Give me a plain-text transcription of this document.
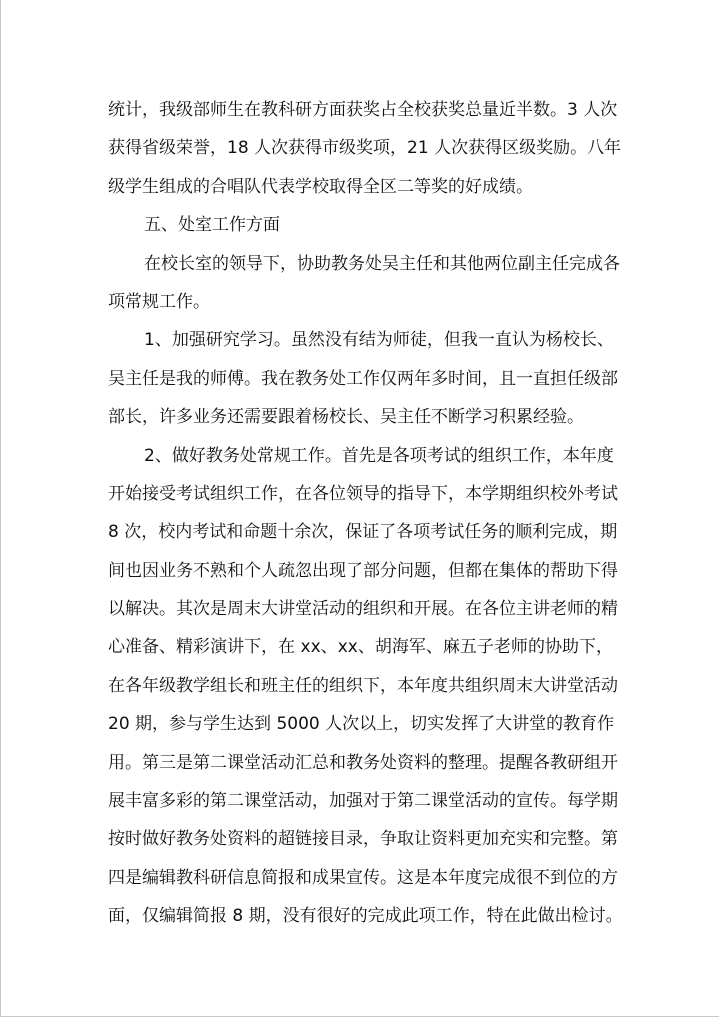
统计，我级部师生在教科研方面获奖占全校获奖总量近半数。3 人次
获得省级荣誉，18 人次获得市级奖项，21 人次获得区级奖励。八年
级学生组成的合唱队代表学校取得全区二等奖的好成绩。
五、处室工作方面
在校长室的领导下，协助教务处吴主任和其他两位副主任完成各
项常规工作。
1、加强研究学习。虽然没有结为师徒，但我一直认为杨校长、
吴主任是我的师傅。我在教务处工作仅两年多时间，且一直担任级部
部长，许多业务还需要跟着杨校长、吴主任不断学习积累经验。
2、做好教务处常规工作。首先是各项考试的组织工作，本年度
开始接受考试组织工作，在各位领导的指导下，本学期组织校外考试
8 次，校内考试和命题十余次，保证了各项考试任务的顺利完成，期
间也因业务不熟和个人疏忽出现了部分问题，但都在集体的帮助下得
以解决。其次是周末大讲堂活动的组织和开展。在各位主讲老师的精
心准备、精彩演讲下，在 xx、xx、胡海军、麻五子老师的协助下，
在各年级教学组长和班主任的组织下，本年度共组织周末大讲堂活动
20 期，参与学生达到 5000 人次以上，切实发挥了大讲堂的教育作
用。第三是第二课堂活动汇总和教务处资料的整理。提醒各教研组开
展丰富多彩的第二课堂活动，加强对于第二课堂活动的宣传。每学期
按时做好教务处资料的超链接目录，争取让资料更加充实和完整。第
四是编辑教科研信息简报和成果宣传。这是本年度完成很不到位的方
面，仅编辑简报 8 期，没有很好的完成此项工作，特在此做出检讨。
